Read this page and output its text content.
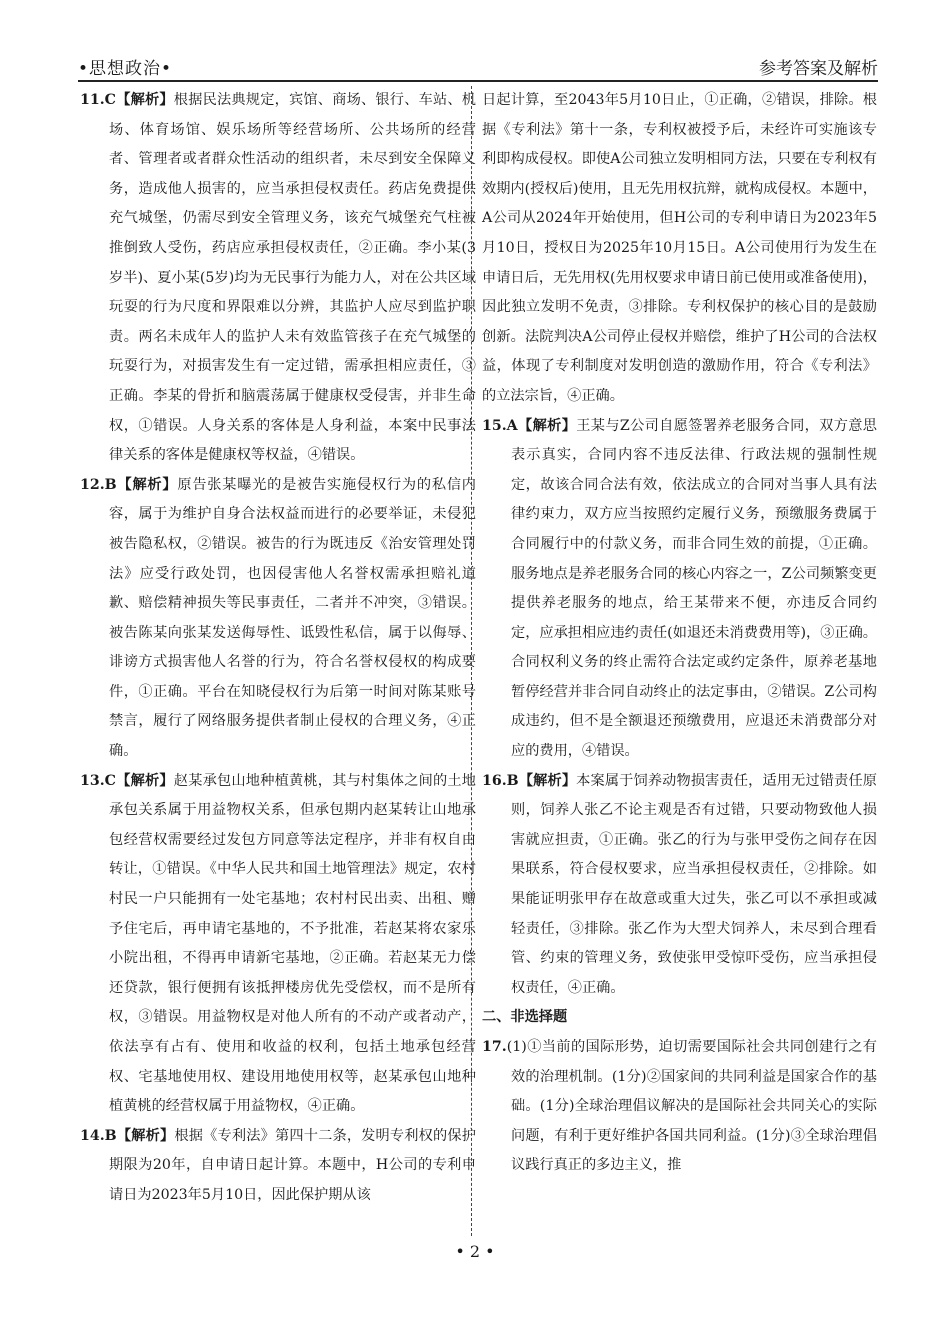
•思想政治•	参考答案及解析

11.C【解析】根据民法典规定，宾馆、商场、银行、车站、机场、体育场馆、娱乐场所等经营场所、公共场所的经营者、管理者或者群众性活动的组织者，未尽到安全保障义务，造成他人损害的，应当承担侵权责任。药店免费提供充气城堡，仍需尽到安全管理义务，该充气城堡充气柱被推倒致人受伤，药店应承担侵权责任，②正确。李小某(3岁半)、夏小某(5岁)均为无民事行为能力人，对在公共区域玩耍的行为尺度和界限难以分辨，其监护人应尽到监护职责。两名未成年人的监护人未有效监管孩子在充气城堡的玩耍行为，对损害发生有一定过错，需承担相应责任，③正确。李某的骨折和脑震荡属于健康权受侵害，并非生命权，①错误。人身关系的客体是人身利益，本案中民事法律关系的客体是健康权等权益，④错误。

12.B【解析】原告张某曝光的是被告实施侵权行为的私信内容，属于为维护自身合法权益而进行的必要举证，未侵犯被告隐私权，②错误。被告的行为既违反《治安管理处罚法》应受行政处罚，也因侵害他人名誉权需承担赔礼道歉、赔偿精神损失等民事责任，二者并不冲突，③错误。被告陈某向张某发送侮辱性、诋毁性私信，属于以侮辱、诽谤方式损害他人名誉的行为，符合名誉权侵权的构成要件，①正确。平台在知晓侵权行为后第一时间对陈某账号禁言，履行了网络服务提供者制止侵权的合理义务，④正确。

13.C【解析】赵某承包山地种植黄桃，其与村集体之间的土地承包关系属于用益物权关系，但承包期内赵某转让山地承包经营权需要经过发包方同意等法定程序，并非有权自由转让，①错误。《中华人民共和国土地管理法》规定，农村村民一户只能拥有一处宅基地；农村村民出卖、出租、赠予住宅后，再申请宅基地的，不予批准，若赵某将农家乐小院出租，不得再申请新宅基地，②正确。若赵某无力偿还贷款，银行便拥有该抵押楼房优先受偿权，而不是所有权，③错误。用益物权是对他人所有的不动产或者动产，依法享有占有、使用和收益的权利，包括土地承包经营权、宅基地使用权、建设用地使用权等，赵某承包山地种植黄桃的经营权属于用益物权，④正确。

14.B【解析】根据《专利法》第四十二条，发明专利权的保护期限为20年，自申请日起计算。本题中，H公司的专利申请日为2023年5月10日，因此保护期从该

日起计算，至2043年5月10日止，①正确，②错误，排除。根据《专利法》第十一条，专利权被授予后，未经许可实施该专利即构成侵权。即使A公司独立发明相同方法，只要在专利权有效期内(授权后)使用，且无先用权抗辩，就构成侵权。本题中，A公司从2024年开始使用，但H公司的专利申请日为2023年5月10日，授权日为2025年10月15日。A公司使用行为发生在申请日后，无先用权(先用权要求申请日前已使用或准备使用)，因此独立发明不免责，③排除。专利权保护的核心目的是鼓励创新。法院判决A公司停止侵权并赔偿，维护了H公司的合法权益，体现了专利制度对发明创造的激励作用，符合《专利法》的立法宗旨，④正确。

15.A【解析】王某与Z公司自愿签署养老服务合同，双方意思表示真实，合同内容不违反法律、行政法规的强制性规定，故该合同合法有效，依法成立的合同对当事人具有法律约束力，双方应当按照约定履行义务，预缴服务费属于合同履行中的付款义务，而非合同生效的前提，①正确。服务地点是养老服务合同的核心内容之一，Z公司频繁变更提供养老服务的地点，给王某带来不便，亦违反合同约定，应承担相应违约责任(如退还未消费费用等)，③正确。合同权利义务的终止需符合法定或约定条件，原养老基地暂停经营并非合同自动终止的法定事由，②错误。Z公司构成违约，但不是全额退还预缴费用，应退还未消费部分对应的费用，④错误。

16.B【解析】本案属于饲养动物损害责任，适用无过错责任原则，饲养人张乙不论主观是否有过错，只要动物致他人损害就应担责，①正确。张乙的行为与张甲受伤之间存在因果联系，符合侵权要求，应当承担侵权责任，②排除。如果能证明张甲存在故意或重大过失，张乙可以不承担或减轻责任，③排除。张乙作为大型犬饲养人，未尽到合理看管、约束的管理义务，致使张甲受惊吓受伤，应当承担侵权责任，④正确。

二、非选择题

17.(1)①当前的国际形势，迫切需要国际社会共同创建行之有效的治理机制。(1分)②国家间的共同利益是国家合作的基础。(1分)全球治理倡议解决的是国际社会共同关心的实际问题，有利于更好维护各国共同利益。(1分)③全球治理倡议践行真正的多边主义，推

• 2 •
